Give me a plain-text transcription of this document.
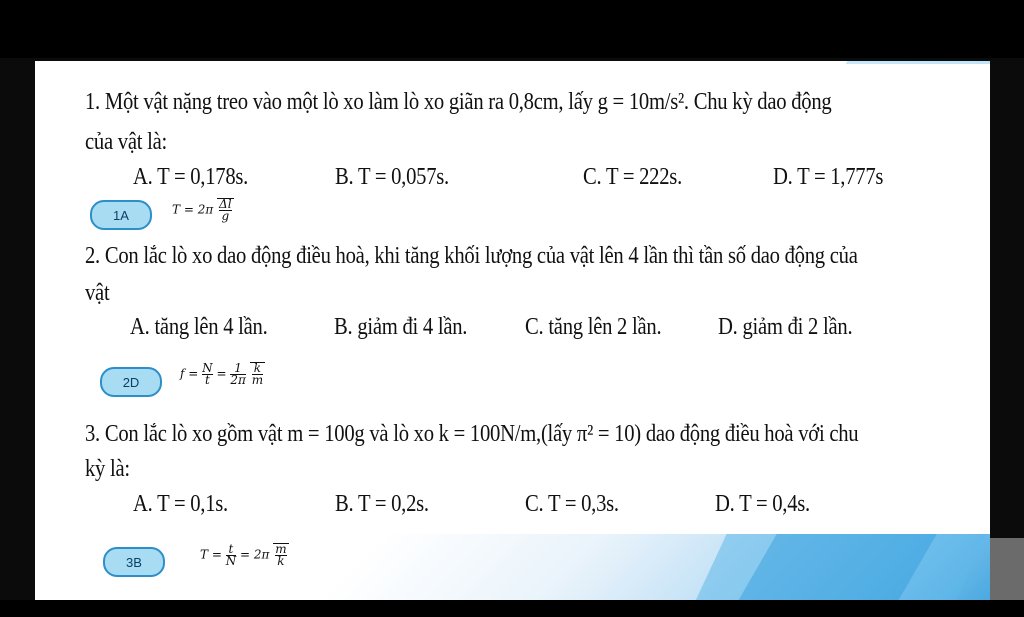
1. Một vật nặng treo vào một lò xo làm lò xo giãn ra 0,8cm, lấy g = 10m/s². Chu kỳ dao động
của vật là:
A. T = 0,178s.	B. T = 0,057s.	C. T = 222s.	D. T = 1,777s
1A	$T = 2\pi \frac{\Delta l}{g}$
2. Con lắc lò xo dao động điều hoà, khi tăng khối lượng của vật lên 4 lần thì tần số dao động của
vật
A. tăng lên 4 lần.	B. giảm đi 4 lần. C. tăng lên 2 lần. D. giảm đi 2 lần.
2D
$f = \frac{N}{t} = \frac{1}{2\pi}$
$\frac{k}{m}$
3. Con lắc lò xo gồm vật m = 100g và lò xo k = 100N/m,(lấy π² = 10) dao động điều hoà với chu
kỳ là:
A. T = 0,1s.	B. T = 0,2s.	C. T = 0,3s.	D. T = 0,4s.
3B	$T = \frac{t}{N} = 2\pi \frac{m}{k}$
